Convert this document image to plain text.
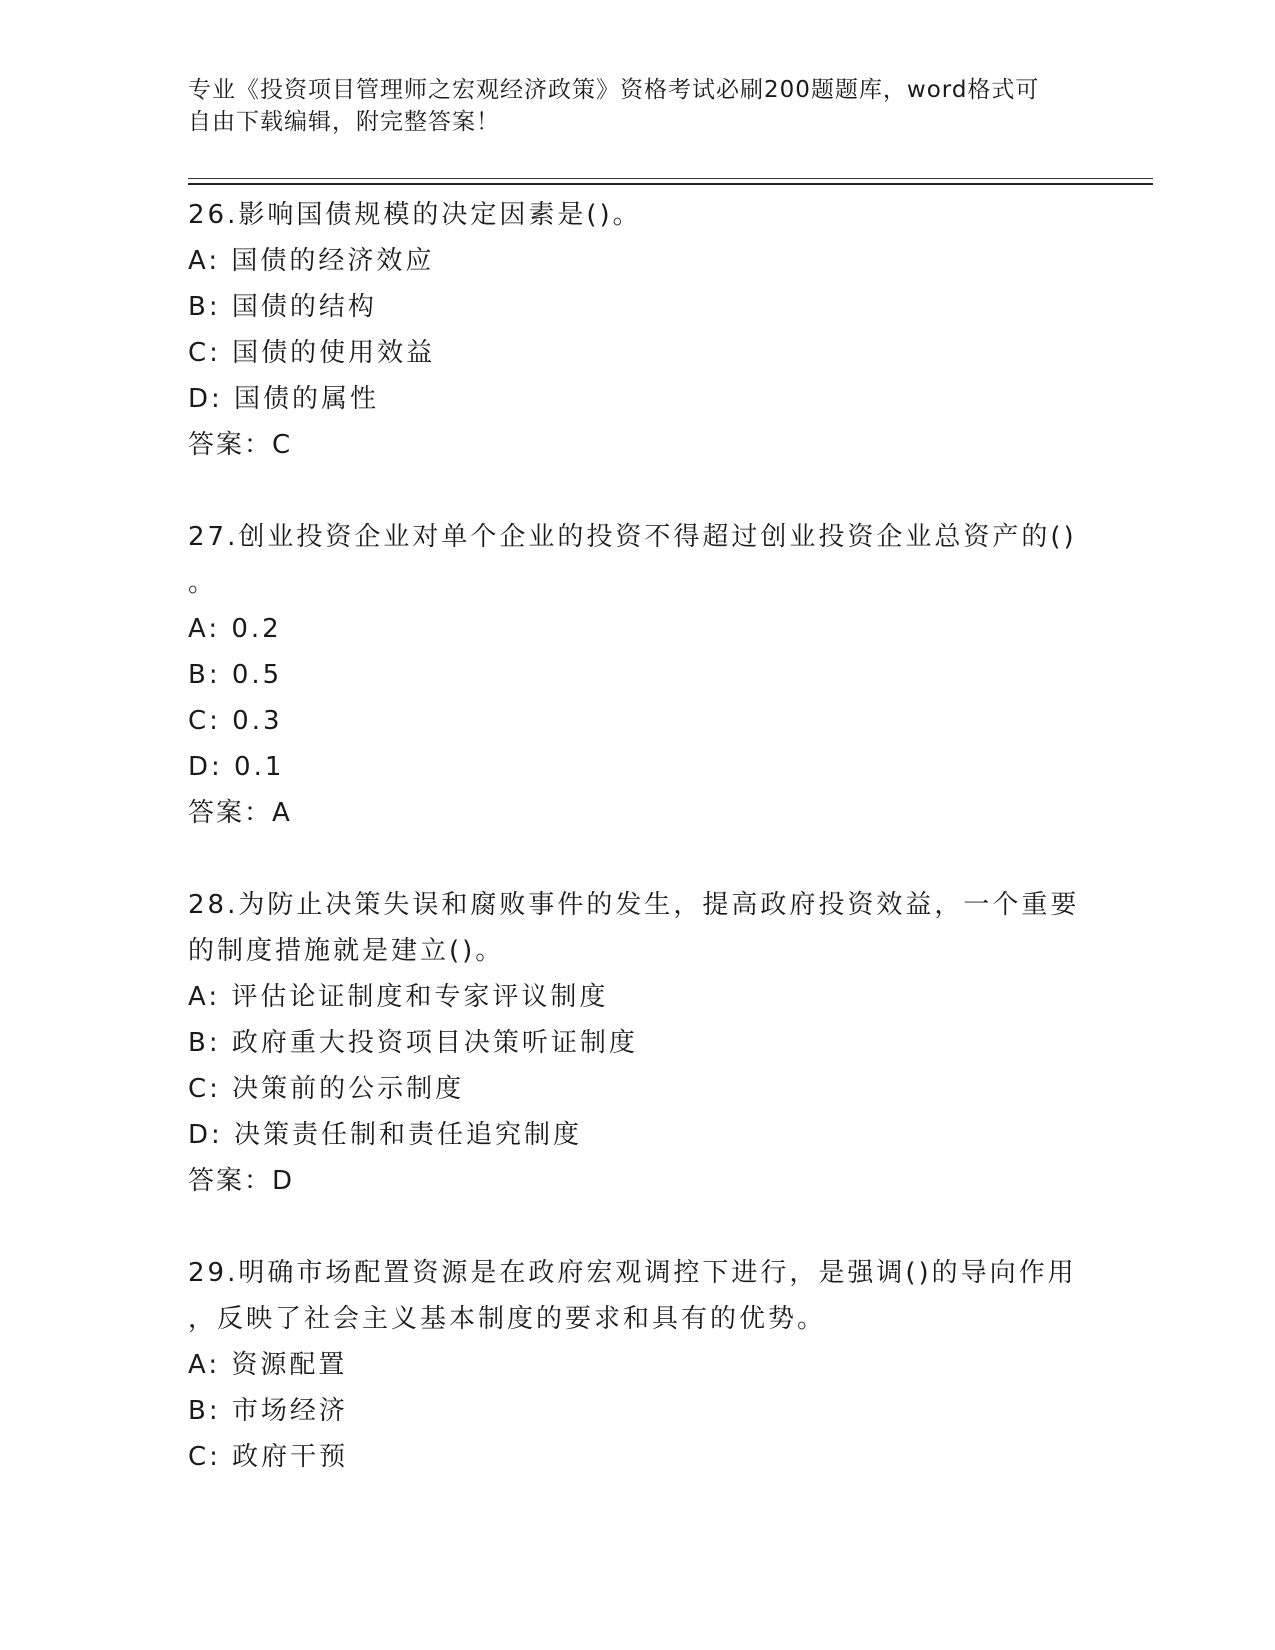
专业《投资项目管理师之宏观经济政策》资格考试必刷200题题库，word格式可
自由下载编辑，附完整答案！
26.影响国债规模的决定因素是()。
A: 国债的经济效应
B: 国债的结构
C: 国债的使用效益
D: 国债的属性
答案：C
27.创业投资企业对单个企业的投资不得超过创业投资企业总资产的()
。
A: 0.2
B: 0.5
C: 0.3
D: 0.1
答案：A
28.为防止决策失误和腐败事件的发生，提高政府投资效益，一个重要
的制度措施就是建立()。
A: 评估论证制度和专家评议制度
B: 政府重大投资项目决策听证制度
C: 决策前的公示制度
D: 决策责任制和责任追究制度
答案：D
29.明确市场配置资源是在政府宏观调控下进行，是强调()的导向作用
，反映了社会主义基本制度的要求和具有的优势。
A: 资源配置
B: 市场经济
C: 政府干预
